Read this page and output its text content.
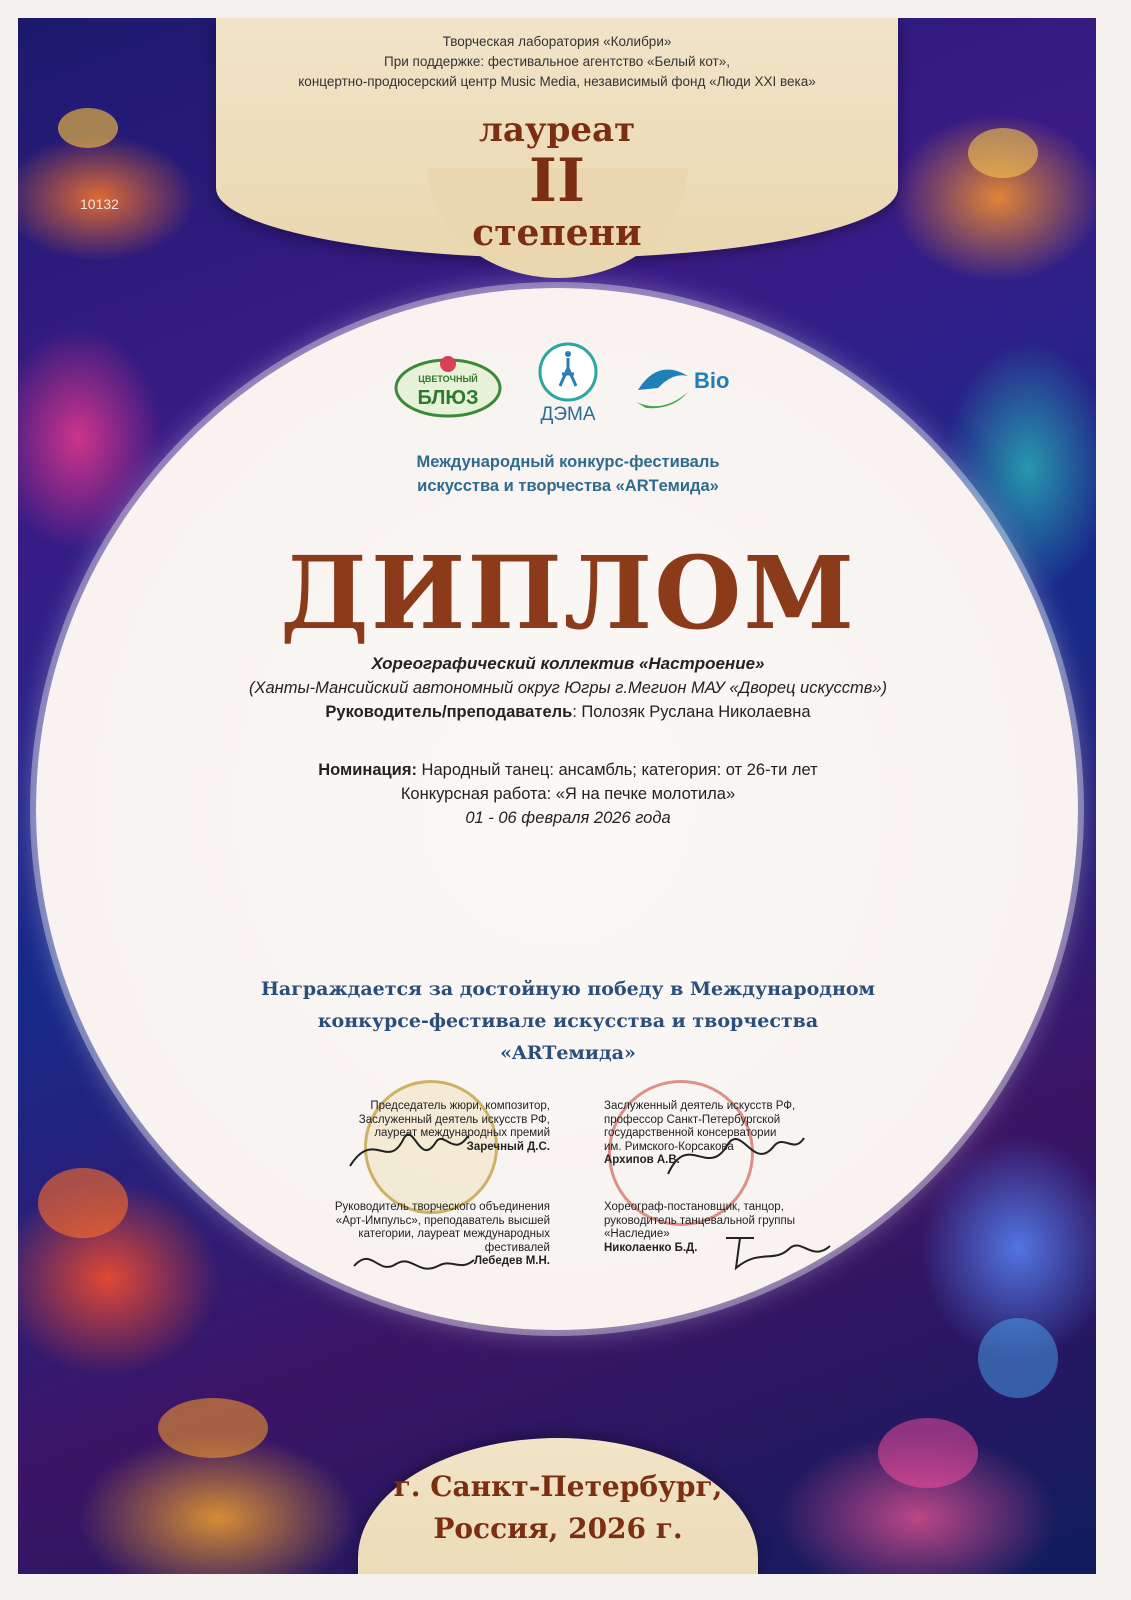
Творческая лаборатория «Колибри»
При поддержке: фестивальное агентство «Белый кот»,
концертно-продюсерский центр Music Media, независимый фонд «Люди XXI века»
лауреат
II
степени
10132
ЦВЕТОЧНЫЙ
БЛЮЗ
ДЭМА
Bio
Международный конкурс-фестиваль
искусства и творчества «ARTемида»
ДИПЛОМ
Хореографический коллектив «Настроение»
(Ханты-Мансийский автономный округ Югры г.Мегион МАУ «Дворец искусств»)
Руководитель/преподаватель: Полозяк Руслана Николаевна
Номинация: Народный танец: ансамбль; категория: от 26-ти лет
Конкурсная работа: «Я на печке молотила»
01 - 06 февраля 2026 года
Награждается за достойную победу в Международном
конкурсе-фестивале искусства и творчества
«ARTемида»
Председатель жюри, композитор,
Заслуженный деятель искусств РФ,
лауреат международных премий
Заречный Д.С.
Руководитель творческого объединения
«Арт-Импульс», преподаватель высшей
категории, лауреат международных
фестивалей
Лебедев М.Н.
Заслуженный деятель искусств РФ,
профессор Санкт-Петербургской
государственной консерватории
им. Римского-Корсакова
Архипов А.В.
Хореограф-постановщик, танцор,
руководитель танцевальной группы
«Наследие»
Николаенко Б.Д.
г. Санкт-Петербург,
Россия, 2026 г.
